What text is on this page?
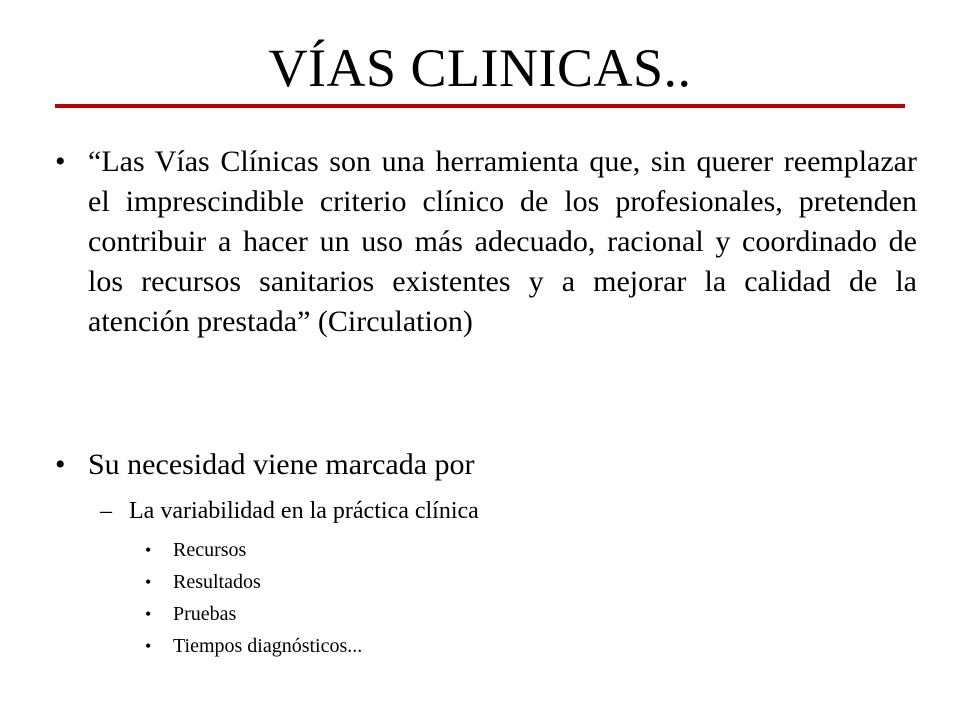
VÍAS CLINICAS..
• “Las Vías Clínicas son una herramienta que, sin querer reemplazar el imprescindible criterio clínico de los profesionales, pretenden contribuir a hacer un uso más adecuado, racional y coordinado de los recursos sanitarios existentes y a mejorar la calidad de la atención prestada” (Circulation)
• Su necesidad viene marcada por
– La variabilidad en la práctica clínica
• Recursos
• Resultados
• Pruebas
• Tiempos diagnósticos...
